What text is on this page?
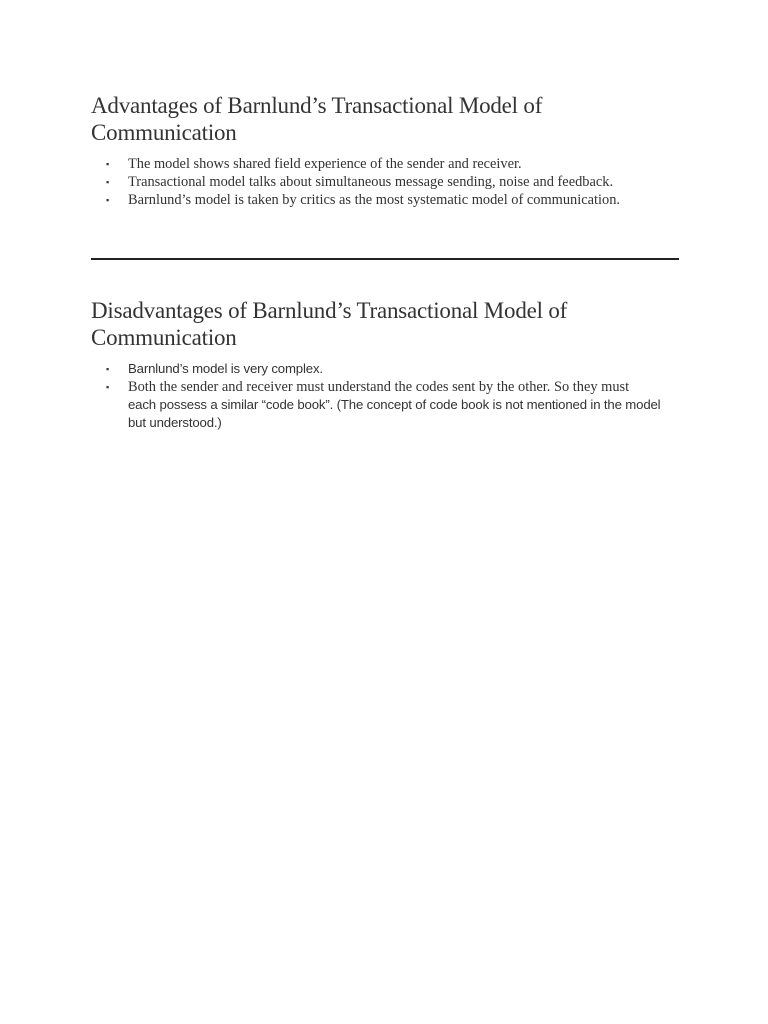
Advantages of Barnlund’s Transactional Model of Communication
▪ The model shows shared field experience of the sender and receiver.
▪ Transactional model talks about simultaneous message sending, noise and feedback.
▪ Barnlund’s model is taken by critics as the most systematic model of communication.
Disadvantages of Barnlund’s Transactional Model of Communication
▪ Barnlund’s model is very complex.
▪ Both the sender and receiver must understand the codes sent by the other. So they must
each possess a similar “code book”. (The concept of code book is not mentioned in the model but understood.)
